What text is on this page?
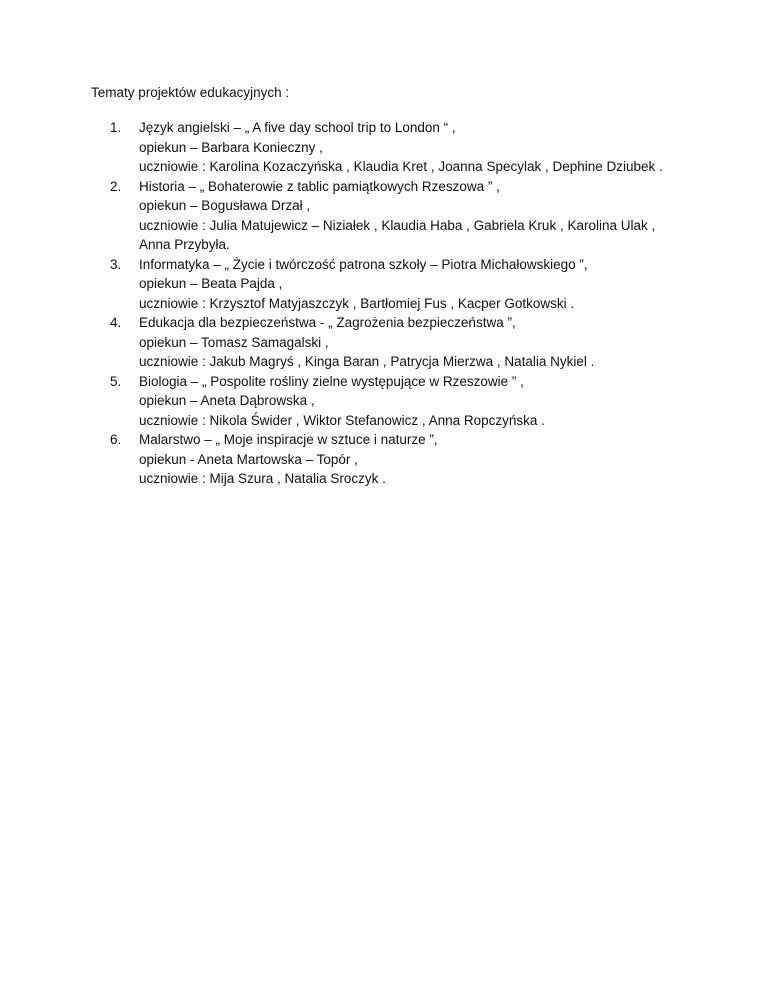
Tematy projektów edukacyjnych :
1. Język angielski – „ A five day school trip to London “ ,
opiekun – Barbara Konieczny ,
uczniowie : Karolina Kozaczyńska , Klaudia Kret , Joanna Specylak , Dephine Dziubek .
2. Historia – „ Bohaterowie z tablic pamiątkowych Rzeszowa ” ,
opiekun – Bogusława Drzał ,
uczniowie : Julia Matujewicz – Niziałek , Klaudia Haba , Gabriela Kruk , Karolina Ulak ,
Anna Przybyła.
3. Informatyka – „ Życie i twórczość patrona szkoły – Piotra Michałowskiego ”,
opiekun – Beata Pajda ,
uczniowie : Krzysztof Matyjaszczyk , Bartłomiej Fus , Kacper Gotkowski .
4. Edukacja dla bezpieczeństwa - „ Zagrożenia bezpieczeństwa ”,
opiekun – Tomasz Samagalski ,
uczniowie : Jakub Magryś , Kinga Baran , Patrycja Mierzwa , Natalia Nykiel .
5. Biologia – „ Pospolite rośliny zielne występujące w Rzeszowie ” ,
opiekun – Aneta Dąbrowska ,
uczniowie : Nikola Świder , Wiktor Stefanowicz , Anna Ropczyńska .
6. Malarstwo – „ Moje inspiracje w sztuce i naturze ”,
opiekun - Aneta Martowska – Topór ,
uczniowie : Mija Szura , Natalia Sroczyk .
